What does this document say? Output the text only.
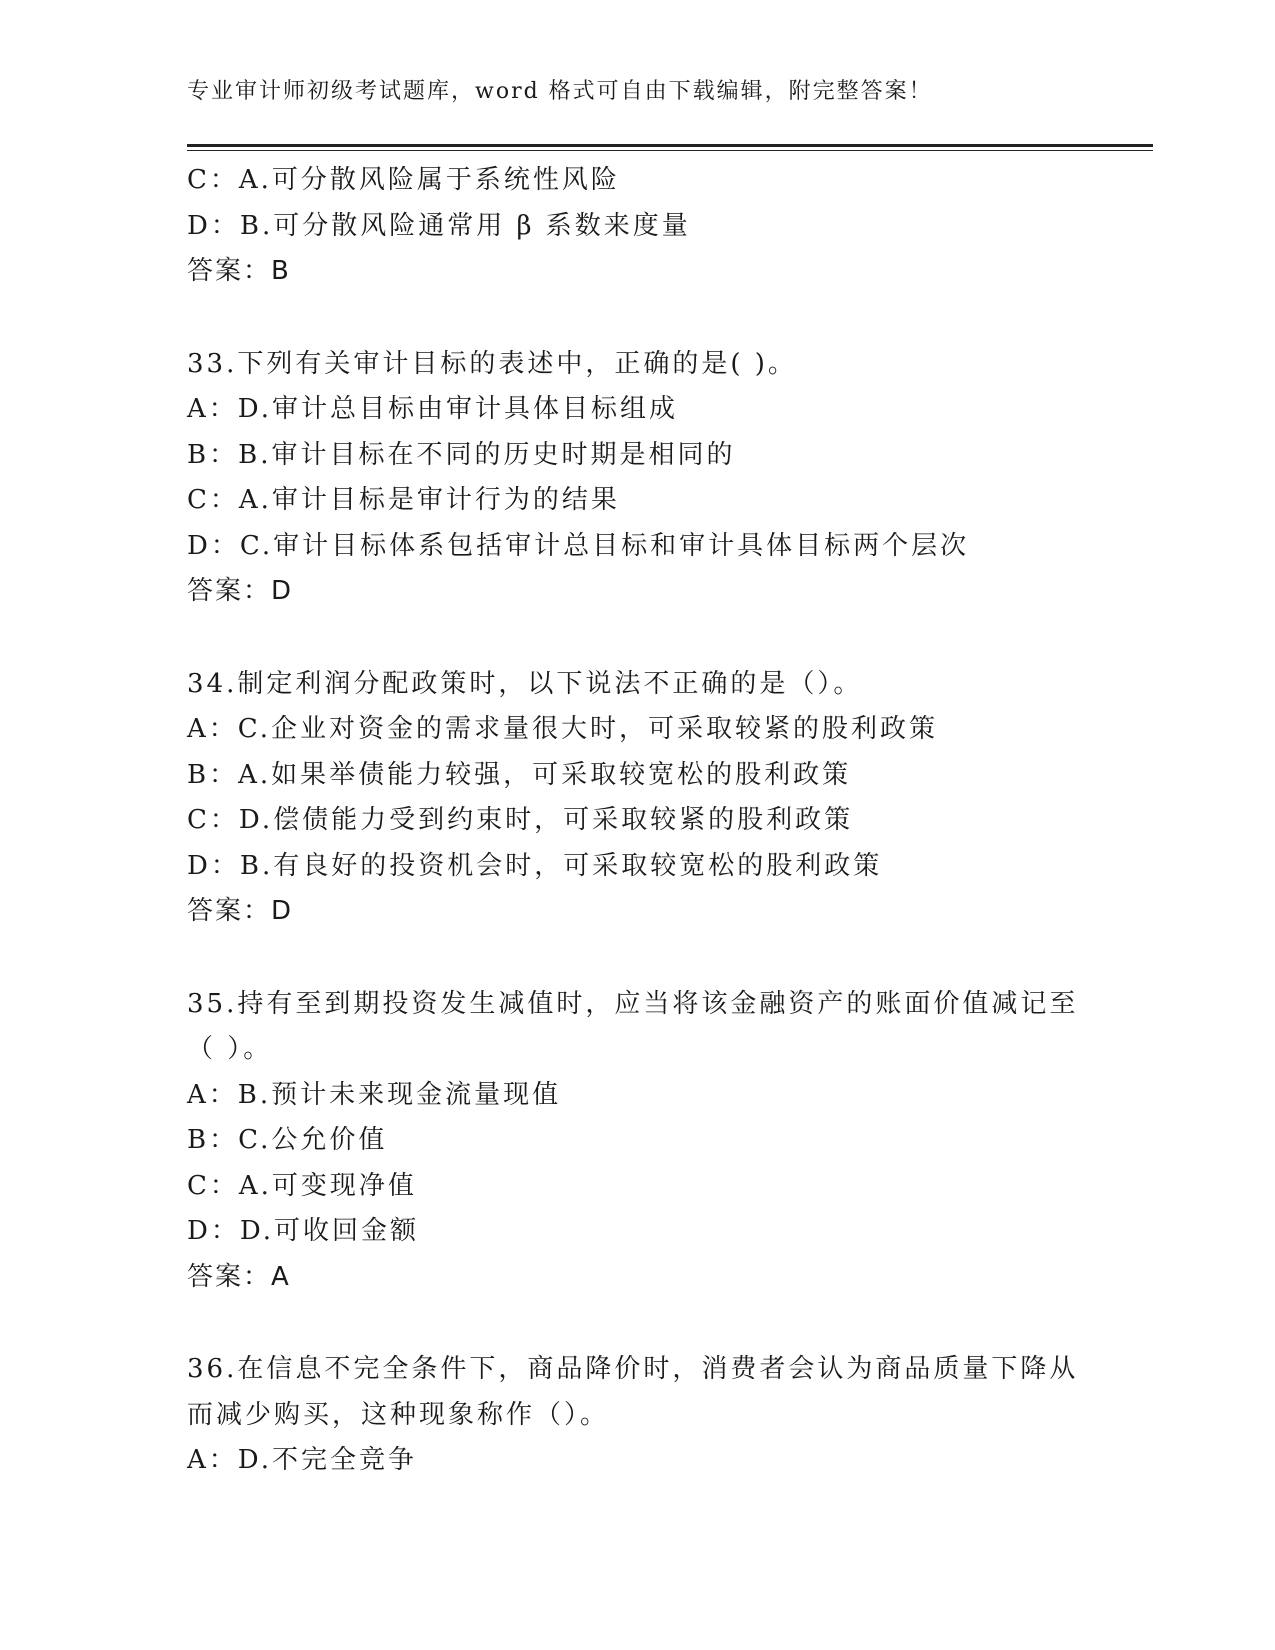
专业审计师初级考试题库，word 格式可自由下载编辑，附完整答案！
C：A.可分散风险属于系统性风险
D：B.可分散风险通常用 β 系数来度量
答案：B
33.下列有关审计目标的表述中，正确的是( )。
A：D.审计总目标由审计具体目标组成
B：B.审计目标在不同的历史时期是相同的
C：A.审计目标是审计行为的结果
D：C.审计目标体系包括审计总目标和审计具体目标两个层次
答案：D
34.制定利润分配政策时，以下说法不正确的是（）。
A：C.企业对资金的需求量很大时，可采取较紧的股利政策
B：A.如果举债能力较强，可采取较宽松的股利政策
C：D.偿债能力受到约束时，可采取较紧的股利政策
D：B.有良好的投资机会时，可采取较宽松的股利政策
答案：D
35.持有至到期投资发生减值时，应当将该金融资产的账面价值减记至
（ ）。
A：B.预计未来现金流量现值
B：C.公允价值
C：A.可变现净值
D：D.可收回金额
答案：A
36.在信息不完全条件下，商品降价时，消费者会认为商品质量下降从
而减少购买，这种现象称作（）。
A：D.不完全竞争
